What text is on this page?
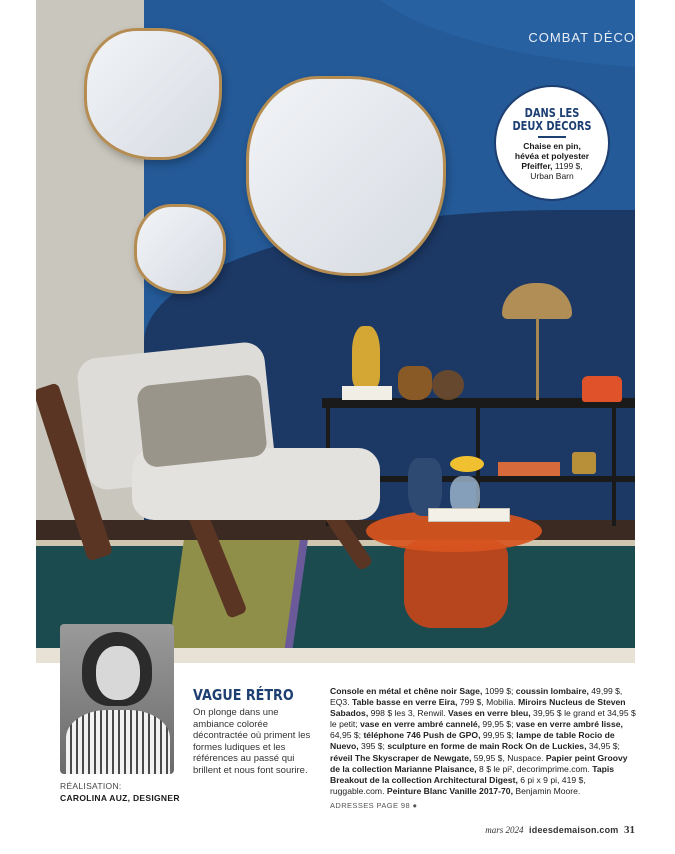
COMBAT DÉCO
DANS LES
DEUX DÉCORS
Chaise en pin, hévéa et polyester Pfeiffer, 1199 $, Urban Barn
RÉALISATION:
CAROLINA AUZ, DESIGNER
VAGUE RÉTRO
On plonge dans une ambiance colorée décontractée où priment les formes ludiques et les références au passé qui brillent et nous font sourire.
Console en métal et chêne noir Sage, 1099 $; coussin lombaire, 49,99 $, EQ3. Table basse en verre Eira, 799 $, Mobilia. Miroirs Nucleus de Steven Sabados, 998 $ les 3, Renwil. Vases en verre bleu, 39,95 $ le grand et 34,95 $ le petit; vase en verre ambré cannelé, 99,95 $; vase en verre ambré lisse, 64,95 $; téléphone 746 Push de GPO, 99,95 $; lampe de table Rocio de Nuevo, 395 $; sculpture en forme de main Rock On de Luckies, 34,95 $; réveil The Skyscraper de Newgate, 59,95 $, Nuspace. Papier peint Groovy de la collection Marianne Plaisance, 8 $ le pi², decorimprime.com. Tapis Breakout de la collection Architectural Digest, 6 pi x 9 pi, 419 $, ruggable.com. Peinture Blanc Vanille 2017-70, Benjamin Moore.
ADRESSES PAGE 98 ●
mars 2024 ideesdemaison.com 31
